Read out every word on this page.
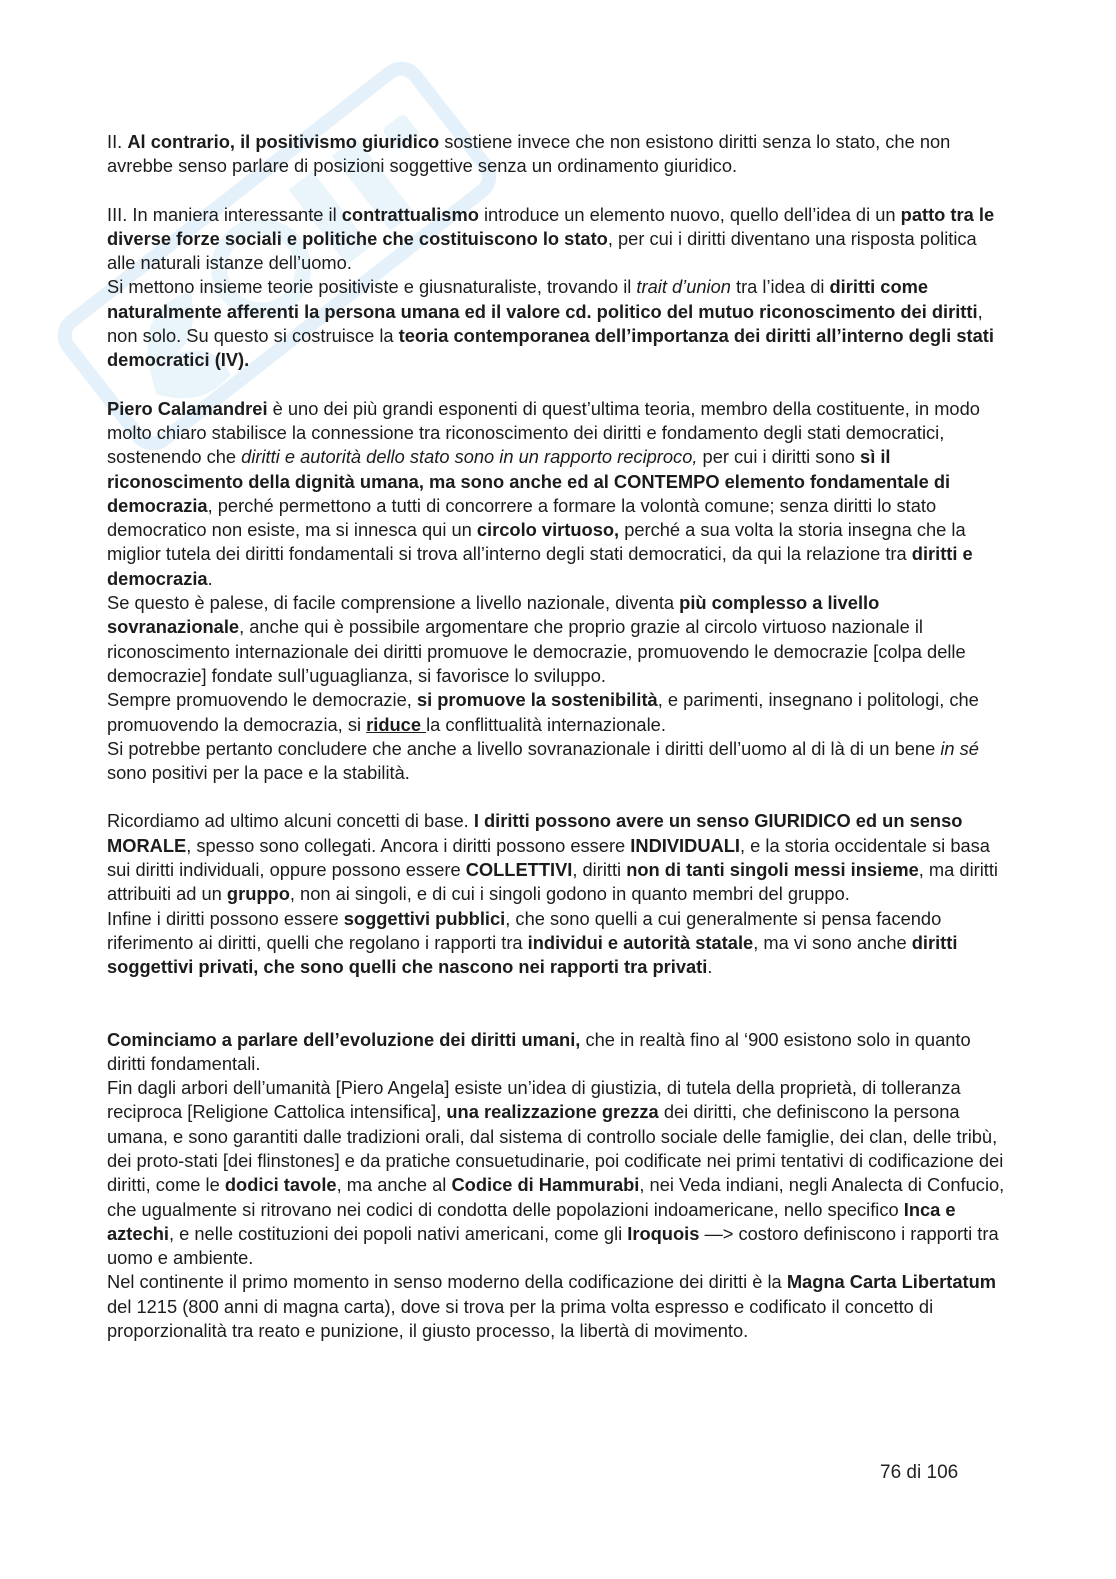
II. Al contrario, il positivismo giuridico sostiene invece che non esistono diritti senza lo stato, che non avrebbe senso parlare di posizioni soggettive senza un ordinamento giuridico.

III. In maniera interessante il contrattualismo introduce un elemento nuovo, quello dell’idea di un patto tra le diverse forze sociali e politiche che costituiscono lo stato, per cui i diritti diventano una risposta politica alle naturali istanze dell’uomo.

Si mettono insieme teorie positiviste e giusnaturaliste, trovando il trait d’union tra l’idea di diritti come naturalmente afferenti la persona umana ed il valore cd. politico del mutuo riconoscimento dei diritti, non solo. Su questo si costruisce la teoria contemporanea dell’importanza dei diritti all’interno degli stati democratici (IV).

Piero Calamandrei è uno dei più grandi esponenti di quest’ultima teoria, membro della costituente, in modo molto chiaro stabilisce la connessione tra riconoscimento dei diritti e fondamento degli stati democratici, sostenendo che diritti e autorità dello stato sono in un rapporto reciproco, per cui i diritti sono sì il riconoscimento della dignità umana, ma sono anche ed al CONTEMPO elemento fondamentale di democrazia, perché permettono a tutti di concorrere a formare la volontà comune; senza diritti lo stato democratico non esiste, ma si innesca qui un circolo virtuoso, perché a sua volta la storia insegna che la miglior tutela dei diritti fondamentali si trova all’interno degli stati democratici, da qui la relazione tra diritti e democrazia.

Se questo è palese, di facile comprensione a livello nazionale, diventa più complesso a livello sovranazionale, anche qui è possibile argomentare che proprio grazie al circolo virtuoso nazionale il riconoscimento internazionale dei diritti promuove le democrazie, promuovendo le democrazie [colpa delle democrazie] fondate sull’uguaglianza, si favorisce lo sviluppo.

Sempre promuovendo le democrazie, si promuove la sostenibilità, e parimenti, insegnano i politologi, che promuovendo la democrazia, si riduce la conflittualità internazionale.

Si potrebbe pertanto concludere che anche a livello sovranazionale i diritti dell’uomo al di là di un bene in sé sono positivi per la pace e la stabilità.

Ricordiamo ad ultimo alcuni concetti di base. I diritti possono avere un senso GIURIDICO ed un senso MORALE, spesso sono collegati. Ancora i diritti possono essere INDIVIDUALI, e la storia occidentale si basa sui diritti individuali, oppure possono essere COLLETTIVI, diritti non di tanti singoli messi insieme, ma diritti attribuiti ad un gruppo, non ai singoli, e di cui i singoli godono in quanto membri del gruppo.

Infine i diritti possono essere soggettivi pubblici, che sono quelli a cui generalmente si pensa facendo riferimento ai diritti, quelli che regolano i rapporti tra individui e autorità statale, ma vi sono anche diritti soggettivi privati, che sono quelli che nascono nei rapporti tra privati.

Cominciamo a parlare dell’evoluzione dei diritti umani, che in realtà fino al ‘900 esistono solo in quanto diritti fondamentali.

Fin dagli arbori dell’umanità [Piero Angela] esiste un’idea di giustizia, di tutela della proprietà, di tolleranza reciproca [Religione Cattolica intensifica], una realizzazione grezza dei diritti, che definiscono la persona umana, e sono garantiti dalle tradizioni orali, dal sistema di controllo sociale delle famiglie, dei clan, delle tribù, dei proto-stati [dei flinstones] e da pratiche consuetudinarie, poi codificate nei primi tentativi di codificazione dei diritti, come le dodici tavole, ma anche al Codice di Hammurabi, nei Veda indiani, negli Analecta di Confucio, che ugualmente si ritrovano nei codici di condotta delle popolazioni indoamericane, nello specifico Inca e aztechi, e nelle costituzioni dei popoli nativi americani, come gli Iroquois —> costoro definiscono i rapporti tra uomo e ambiente.

Nel continente il primo momento in senso moderno della codificazione dei diritti è la Magna Carta Libertatum del 1215 (800 anni di magna carta), dove si trova per la prima volta espresso e codificato il concetto di proporzionalità tra reato e punizione, il giusto processo, la libertà di movimento.

76 di 106
